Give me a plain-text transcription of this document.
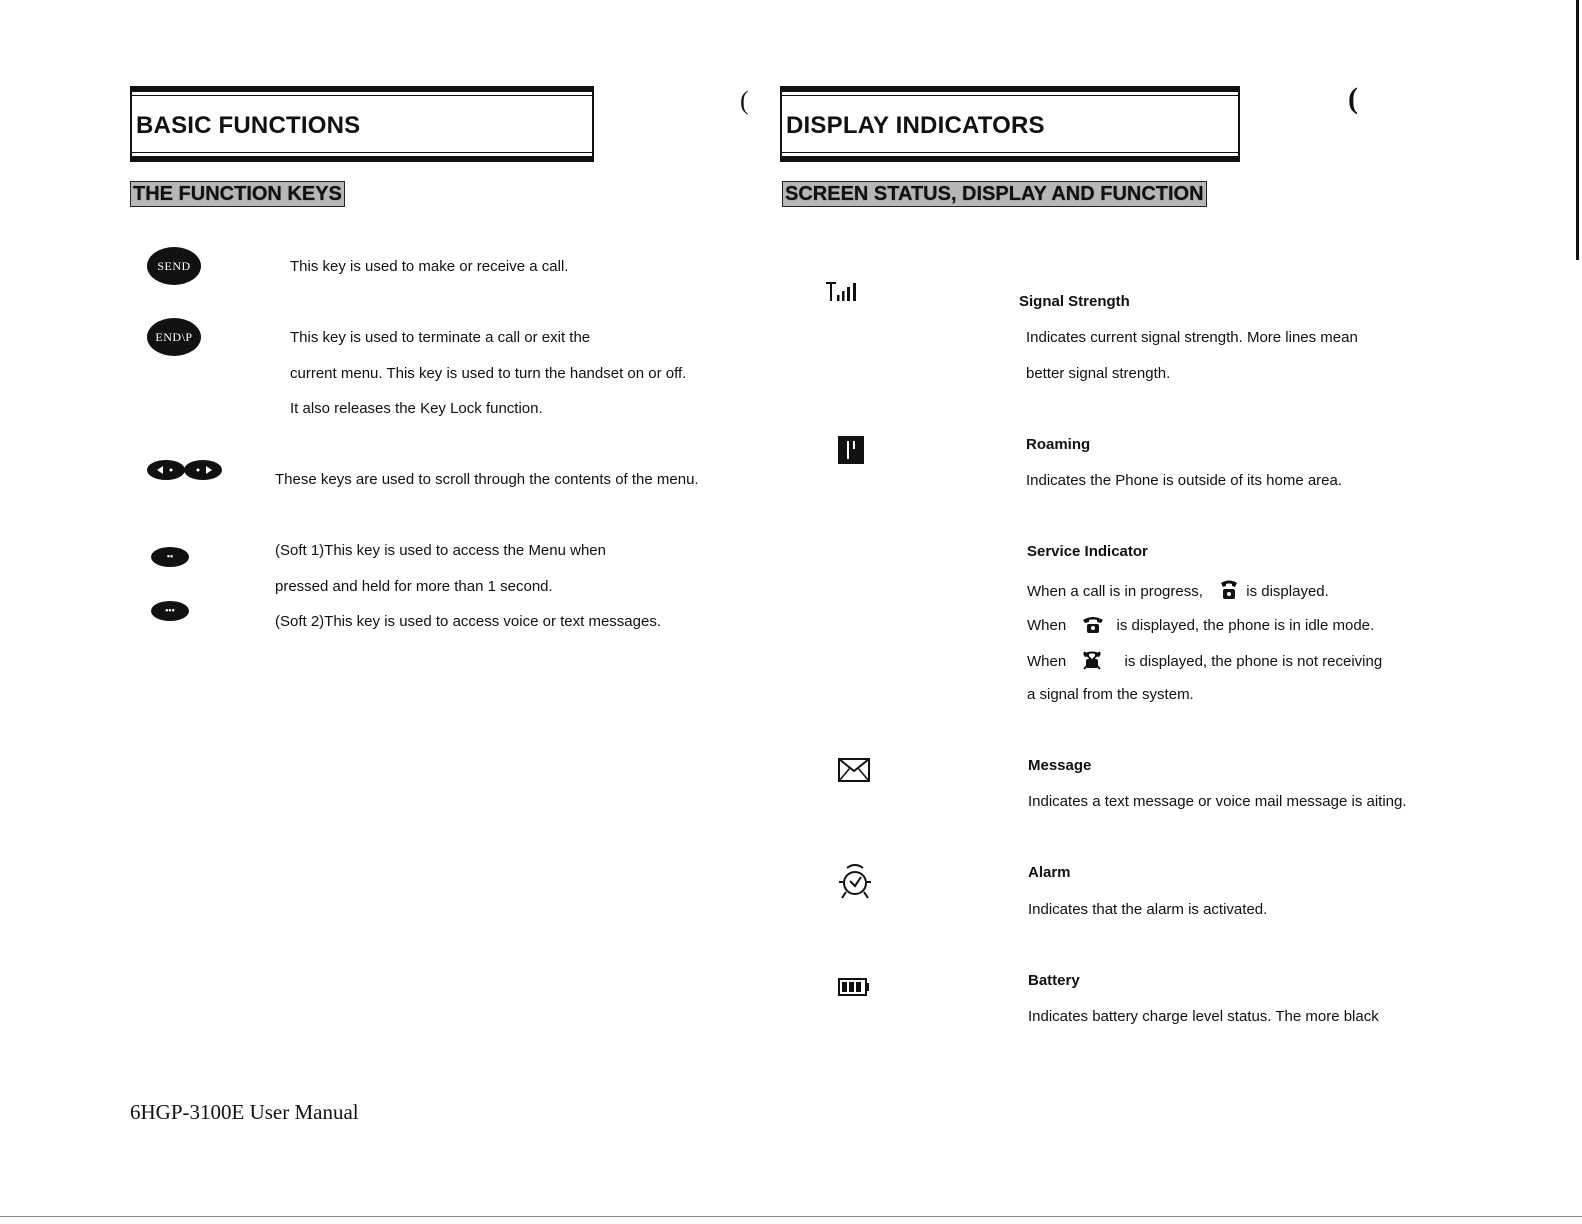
BASIC FUNCTIONS
THE FUNCTION KEYS
SEND	This key is used to make or receive a call.
END\P	This key is used to terminate a call or exit the
current menu. This key is used to turn the handset on or off.
It also releases the Key Lock function.
These keys are used to scroll through the contents of the menu.
••
•••
(Soft 1)This key is used to access the Menu when
pressed and held for more than 1 second.
(Soft 2)This key is used to access voice or text messages.
(
DISPLAY INDICATORS
SCREEN STATUS, DISPLAY AND FUNCTION
(
Signal Strength
Indicates current signal strength. More lines mean
better signal strength.
Roaming
Indicates the Phone is outside of its home area.
Service Indicator
When a call is in progress,	is displayed.
When	is displayed, the phone is in idle mode.
When	is displayed, the phone is not receiving
a signal from the system.
Message
Indicates a text message or voice mail message is aiting.
Alarm
Indicates that the alarm is activated.
Battery
Indicates battery charge level status. The more black
6HGP-3100E User Manual
